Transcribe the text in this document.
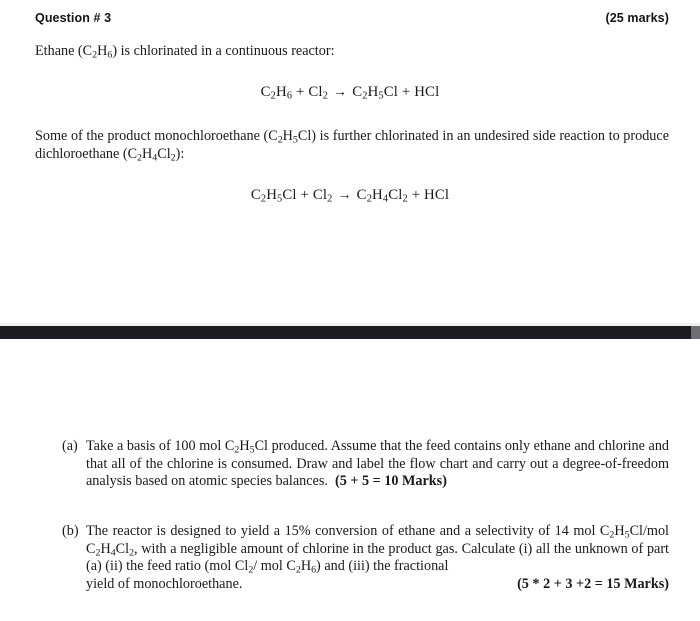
Question # 3	(25 marks)
Ethane $(C_2H_6)$ is chlorinated in a continuous reactor:
$C_2H_6 + Cl_2 \to C_2H_5Cl$ + HCl
Some of the product monochloroethane $(C_2H_5Cl)$ is further chlorinated in an undesired side reaction to produce dichloroethane $(C_2H_4Cl_2)$:
$C_2H_5Cl + Cl_2 \to C_2H_4Cl_2$ + HCl
(a) Take a basis of 100 mol $C_2H_5Cl$ produced. Assume that the feed contains only ethane and chlorine and that all of the chlorine is consumed. Draw and label the flow chart and carry out a degree-of-freedom analysis based on atomic species balances.  (5 + 5 = 10 Marks)
(b) The reactor is designed to yield a 15% conversion of ethane and a selectivity of 14 mol $C_2H_5Cl$/mol $C_2H_4Cl_2$, with a negligible amount of chlorine in the product gas. Calculate (i) all the unknown of part (a) (ii) the feed ratio (mol $Cl_2/$ mol $C_2H_6$) and (iii) the fractional
yield of monochloroethane.	(5 * 2 + 3 +2 = 15 Marks)
